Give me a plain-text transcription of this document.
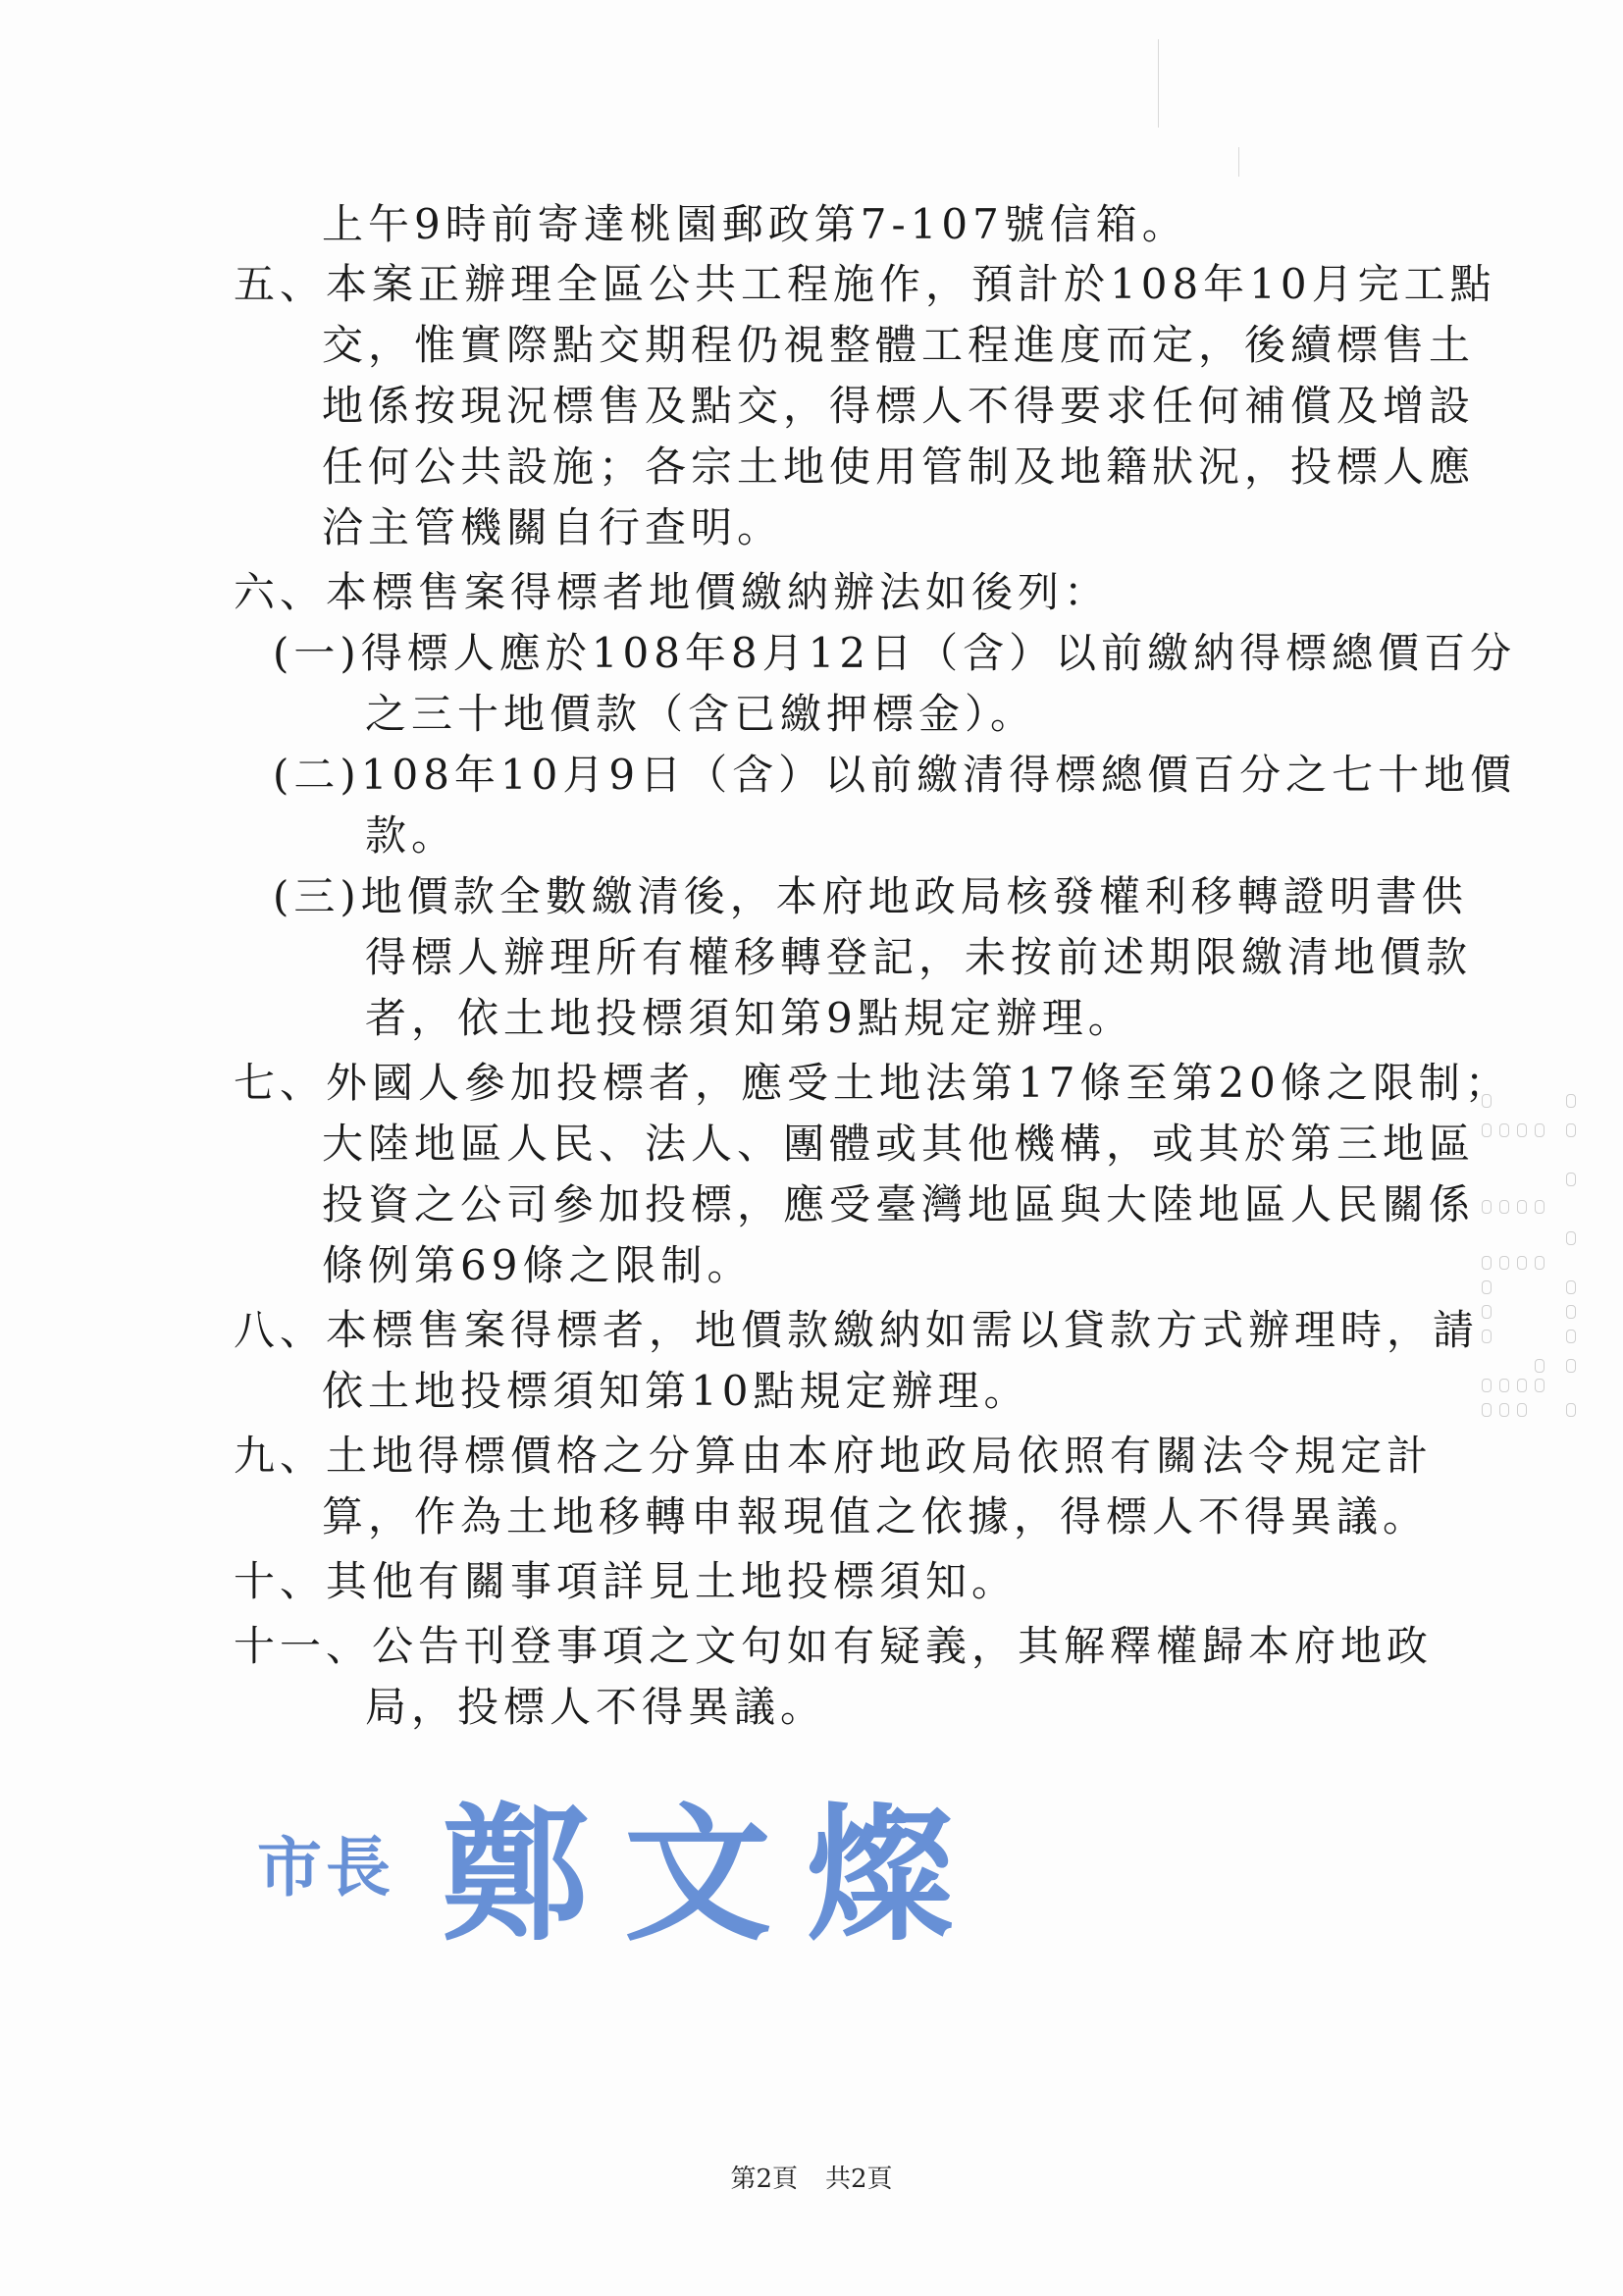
上午9時前寄達桃園郵政第7-107號信箱。
五、本案正辦理全區公共工程施作，預計於108年10月完工點
交，惟實際點交期程仍視整體工程進度而定，後續標售土
地係按現況標售及點交，得標人不得要求任何補償及增設
任何公共設施；各宗土地使用管制及地籍狀況，投標人應
洽主管機關自行查明。
六、本標售案得標者地價繳納辦法如後列：
(一)得標人應於108年8月12日（含）以前繳納得標總價百分
之三十地價款（含已繳押標金）。
(二)108年10月9日（含）以前繳清得標總價百分之七十地價
款。
(三)地價款全數繳清後，本府地政局核發權利移轉證明書供
得標人辦理所有權移轉登記，未按前述期限繳清地價款
者，依土地投標須知第9點規定辦理。
七、外國人參加投標者，應受土地法第17條至第20條之限制；
大陸地區人民、法人、團體或其他機構，或其於第三地區
投資之公司參加投標，應受臺灣地區與大陸地區人民關係
條例第69條之限制。
八、本標售案得標者，地價款繳納如需以貸款方式辦理時，請
依土地投標須知第10點規定辦理。
九、土地得標價格之分算由本府地政局依照有關法令規定計
算，作為土地移轉申報現值之依據，得標人不得異議。
十、其他有關事項詳見土地投標須知。
十一、公告刊登事項之文句如有疑義，其解釋權歸本府地政
局，投標人不得異議。
市長 鄭文燦
第2頁 共2頁
